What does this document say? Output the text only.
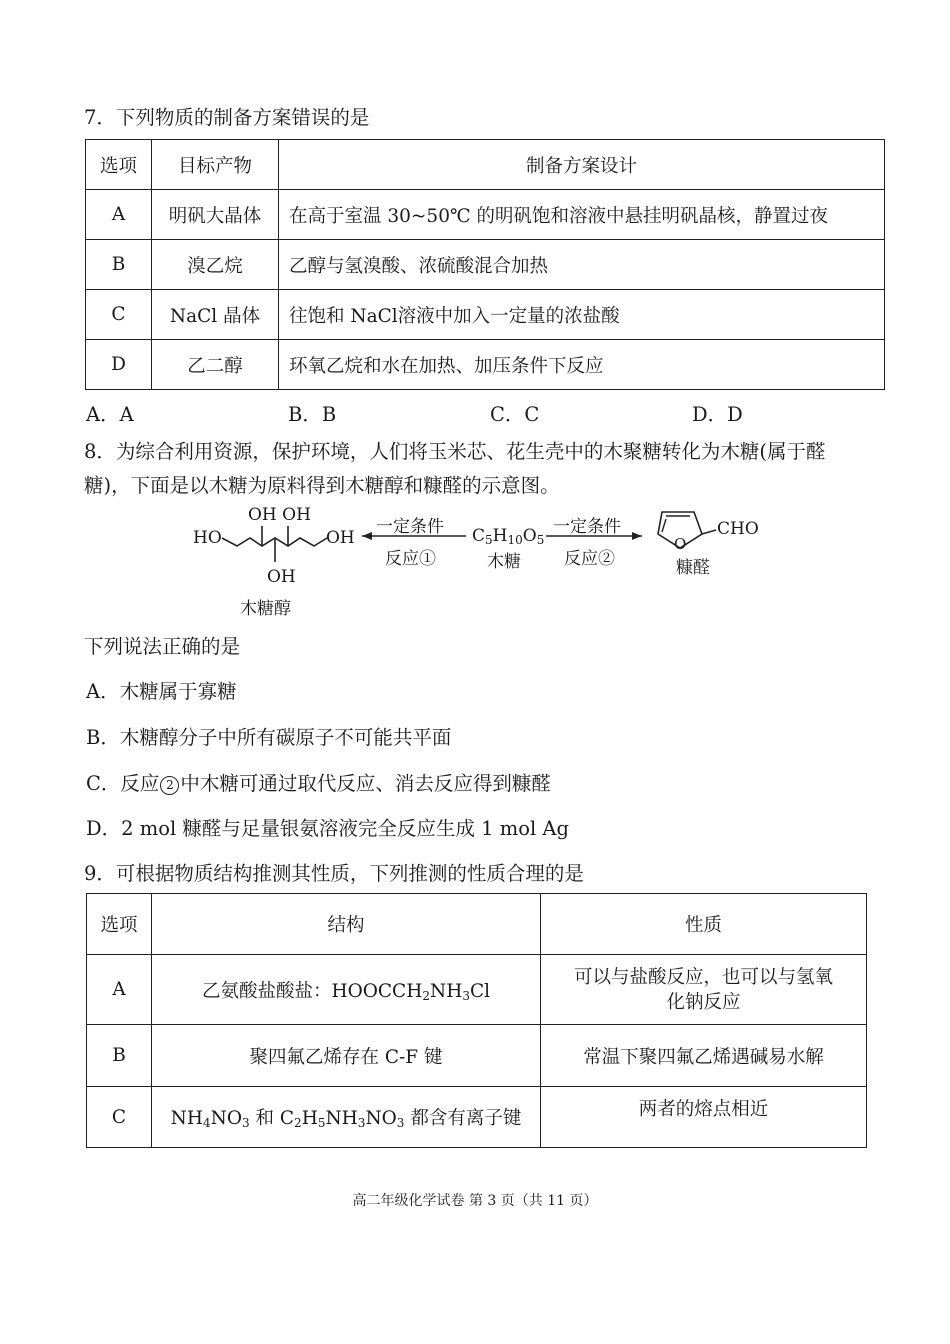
7．下列物质的制备方案错误的是
选项	目标产物	制备方案设计
A	明矾大晶体	在高于室温 30~50℃ 的明矾饱和溶液中悬挂明矾晶核，静置过夜
B	溴乙烷	乙醇与氢溴酸、浓硫酸混合加热
C	NaCl 晶体	往饱和 NaCl溶液中加入一定量的浓盐酸
D	乙二醇	环氧乙烷和水在加热、加压条件下反应
A．A	B．B	C．C	D．D
8．为综合利用资源，保护环境，人们将玉米芯、花生壳中的木聚糖转化为木糖(属于醛
糖)，下面是以木糖为原料得到木糖醇和糠醛的示意图。
OH OH
HO	OH
OH
木糖醇
一定条件
反应①
$C_5H_{10}O_5$
木糖
一定条件
反应②
O
CHO
糠醛
下列说法正确的是
A．木糖属于寡糖
B．木糖醇分子中所有碳原子不可能共平面
C．反应 2 中木糖可通过取代反应、消去反应得到糠醛
D．2 mol 糠醛与足量银氨溶液完全反应生成 1 mol Ag
9．可根据物质结构推测其性质，下列推测的性质合理的是
选项	结构	性质
A	乙氨酸盐酸盐：$HOOCCH_2NH_3Cl$	可以与盐酸反应，也可以与氢氧
化钠反应
B	聚四氟乙烯存在 C-F 键	常温下聚四氟乙烯遇碱易水解
C	$NH_4NO_3$ 和 $C_2H_5NH_3NO_3$ 都含有离子键	两者的熔点相近
高二年级化学试卷 第 3 页（共 11 页）
